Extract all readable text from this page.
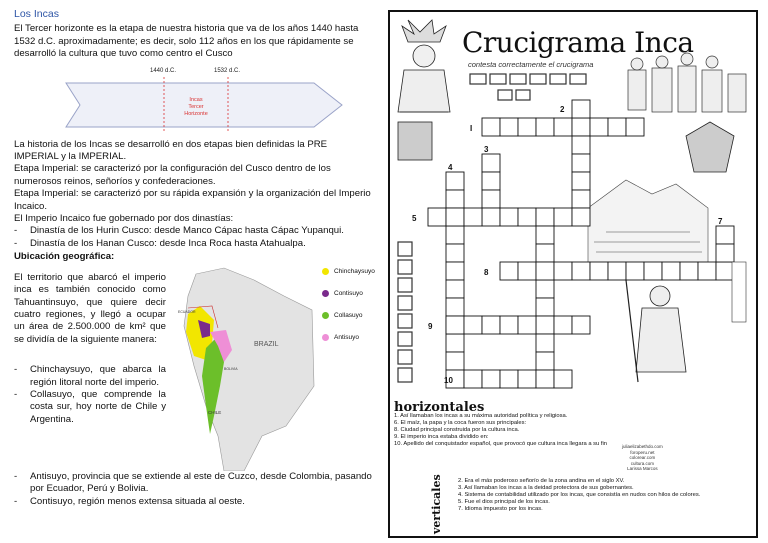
Los Incas

El Tercer horizonte es la etapa de nuestra historia que va de los años 1440 hasta 1532 d.C. aproximadamente; es decir, solo 112 años en los que rápidamente se desarrolló la cultura que tuvo como centro el Cusco

1440 d.C.	1532 d.C.
Incas
Tercer
Horizonte

La historia de los Incas se desarrolló en dos etapas bien definidas la PRE IMPERIAL y la IMPERIAL.

Etapa Imperial: se caracterizó por la configuración del Cusco dentro de los numerosos reinos, señoríos y confederaciones.

Etapa Imperial: se caracterizó por su rápida expansión y la organización del Imperio Incaico.

El Imperio Incaico fue gobernado por dos dinastías:

-	Dinastía de los Hurin Cusco: desde Manco Cápac hasta Cápac Yupanqui.
-	Dinastía de los Hanan Cusco: desde Inca Roca hasta Atahualpa.

Ubicación geográfica:

El territorio que abarcó el imperio inca es también conocido como Tahuantinsuyo, que quiere decir cuatro regiones, y llegó a ocupar un área de 2.500.000 de km² que se dividía de la siguiente manera:

-	Chinchaysuyo, que abarca la región litoral norte del imperio.
-	Collasuyo, que comprende la costa sur, hoy norte de Chile y Argentina.
BRAZIL
CHILE
ECUADOR
BOLIVIA
Chinchaysuyo
Contisuyo
Collasuyo
Antisuyo
-	Antisuyo, provincia que se extiende al este de Cuzco, desde Colombia, pasando por Ecuador, Perú y Bolivia.
-	Contisuyo, región menos extensa situada al oeste.
I
2
3
4
5	7
8
9
10
Crucigrama Inca
contesta correctamente el crucigrama
horizontales
1. Así llamaban los incas a su máxima autoridad política y religiosa.
6. El maíz, la papa y la coca fueron sus principales:
8. Ciudad principal construida por la cultura inca.
9. El imperio inca estaba dividido en:
10. Apellido del conquistador español, que provocó que cultura inca llegara a su fin	juliaelizabethdo.com
foroperu.net
colorear.com
cultura.com
Larissa Marcos
verticales	2. Era el más poderoso señorío de la zona andina en el siglo XV.
3. Así llamaban los incas a la deidad protectora de sus gobernantes.
4. Sistema de contabilidad utilizado por los incas, que consistía en nudos con hilos de colores.
5. Fue el dios principal de los incas.
7. Idioma impuesto por los incas.
